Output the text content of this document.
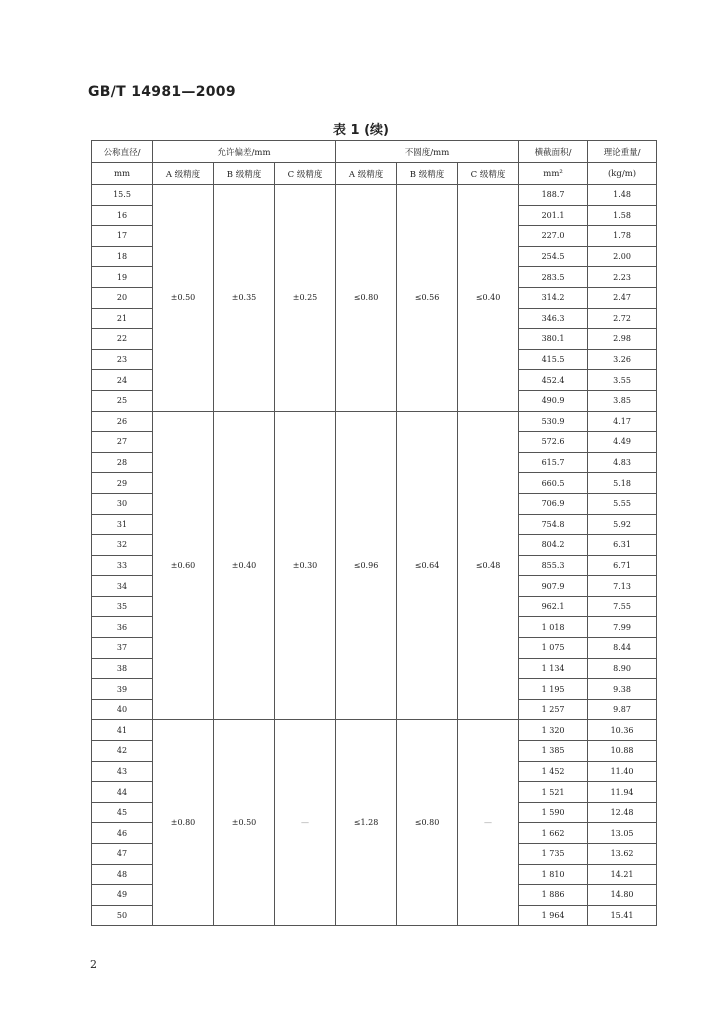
GB/T 14981—2009
表 1 (续)
公称直径/	允许偏差/mm			不圆度/mm			横截面积/	理论重量/
mm	A 级精度	B 级精度	C 级精度	A 级精度	B 级精度	C 级精度	mm²	(kg/m)
15.5	±0.50	±0.35	±0.25	≤0.80	≤0.56	≤0.40	188.7	1.48
16							201.1	1.58
17							227.0	1.78
18							254.5	2.00
19							283.5	2.23
20							314.2	2.47
21							346.3	2.72
22							380.1	2.98
23							415.5	3.26
24							452.4	3.55
25							490.9	3.85
26	±0.60	±0.40	±0.30	≤0.96	≤0.64	≤0.48	530.9	4.17
27							572.6	4.49
28							615.7	4.83
29							660.5	5.18
30							706.9	5.55
31							754.8	5.92
32							804.2	6.31
33							855.3	6.71
34							907.9	7.13
35							962.1	7.55
36							1 018	7.99
37							1 075	8.44
38							1 134	8.90
39							1 195	9.38
40							1 257	9.87
41	±0.80	±0.50	—	≤1.28	≤0.80	—	1 320	10.36
42							1 385	10.88
43							1 452	11.40
44							1 521	11.94
45							1 590	12.48
46							1 662	13.05
47							1 735	13.62
48							1 810	14.21
49							1 886	14.80
50							1 964	15.41
2
